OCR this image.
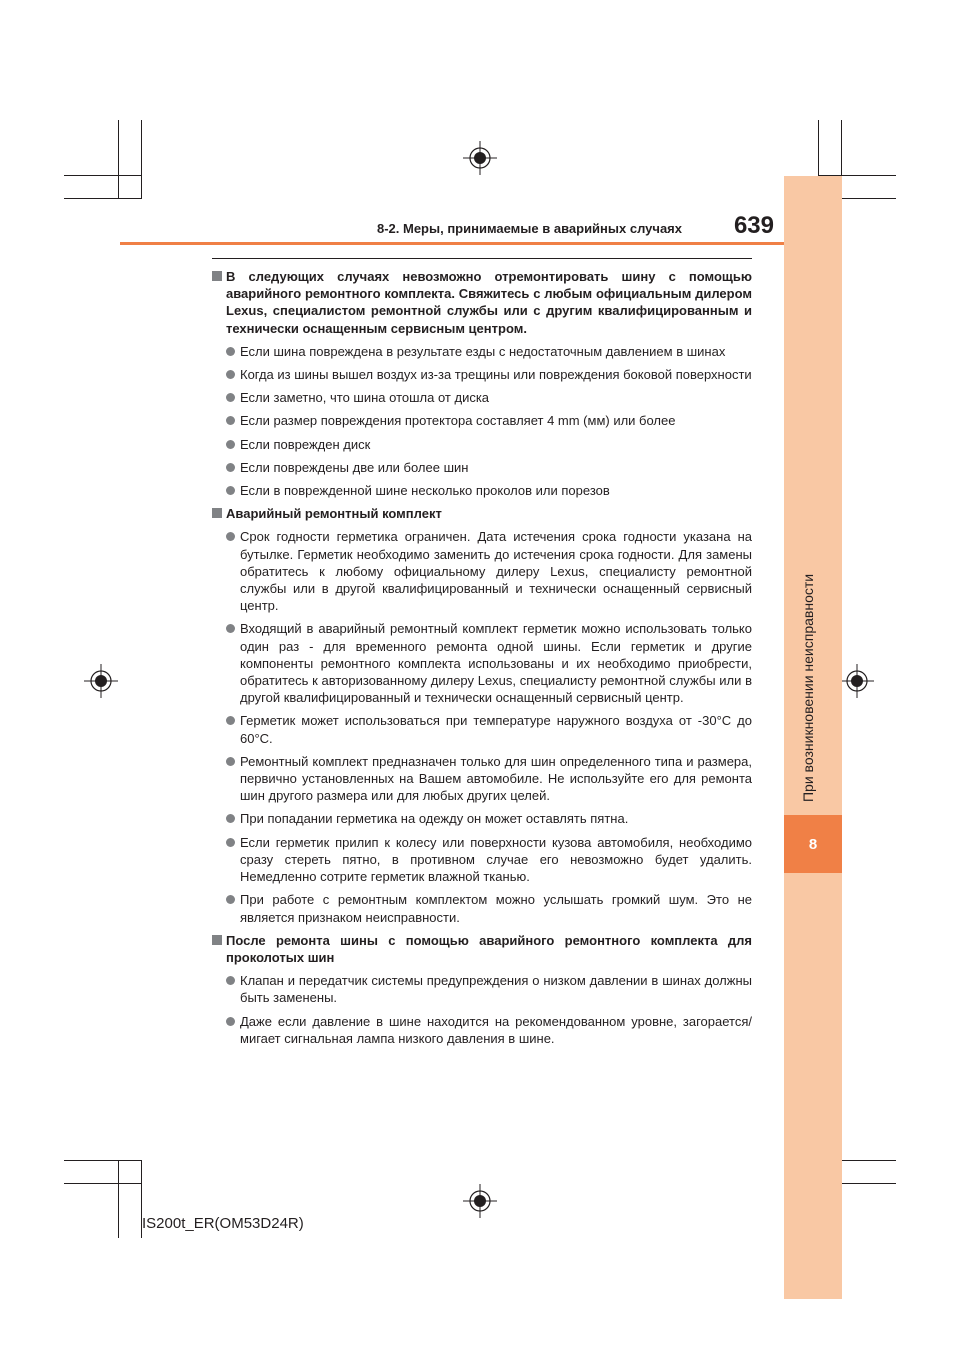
При возникновении неисправности
8
8-2. Меры, принимаемые в аварийных случаях 639
В следующих случаях невозможно отремонтировать шину с помощью аварийного ремонтного комплекта. Свяжитесь с любым официальным дилером Lexus, специалистом ремонтной службы или с другим квалифицированным и технически оснащенным сервисным центром.
Если шина повреждена в результате езды с недостаточным давлением в шинах
Когда из шины вышел воздух из-за трещины или повреждения боковой поверхности
Если заметно, что шина отошла от диска
Если размер повреждения протектора составляет 4 mm (мм) или более
Если поврежден диск
Если повреждены две или более шин
Если в поврежденной шине несколько проколов или порезов
Аварийный ремонтный комплект
Срок годности герметика ограничен. Дата истечения срока годности указана на бутылке. Герметик необходимо заменить до истечения срока годности. Для замены обратитесь к любому официальному дилеру Lexus, специалисту ремонтной службы или в другой квалифицированный и технически оснащенный сервисный центр.
Входящий в аварийный ремонтный комплект герметик можно использовать только один раз - для временного ремонта одной шины. Если герметик и другие компоненты ремонтного комплекта использованы и их необходимо приобрести, обратитесь к авторизованному дилеру Lexus, специалисту ремонтной службы или в другой квалифицированный и технически оснащенный сервисный центр.
Герметик может использоваться при температуре наружного воздуха от -30°C до 60°C.
Ремонтный комплект предназначен только для шин определенного типа и размера, первично установленных на Вашем автомобиле. Не используйте его для ремонта шин другого размера или для любых других целей.
При попадании герметика на одежду он может оставлять пятна.
Если герметик прилип к колесу или поверхности кузова автомобиля, необходимо сразу стереть пятно, в противном случае его невозможно будет удалить. Немедленно сотрите герметик влажной тканью.
При работе с ремонтным комплектом можно услышать громкий шум. Это не является признаком неисправности.
После ремонта шины с помощью аварийного ремонтного комплекта для проколотых шин
Клапан и передатчик системы предупреждения о низком давлении в шинах должны быть заменены.
Даже если давление в шине находится на рекомендованном уровне, загорается/мигает сигнальная лампа низкого давления в шине.
IS200t_ER(OM53D24R)
